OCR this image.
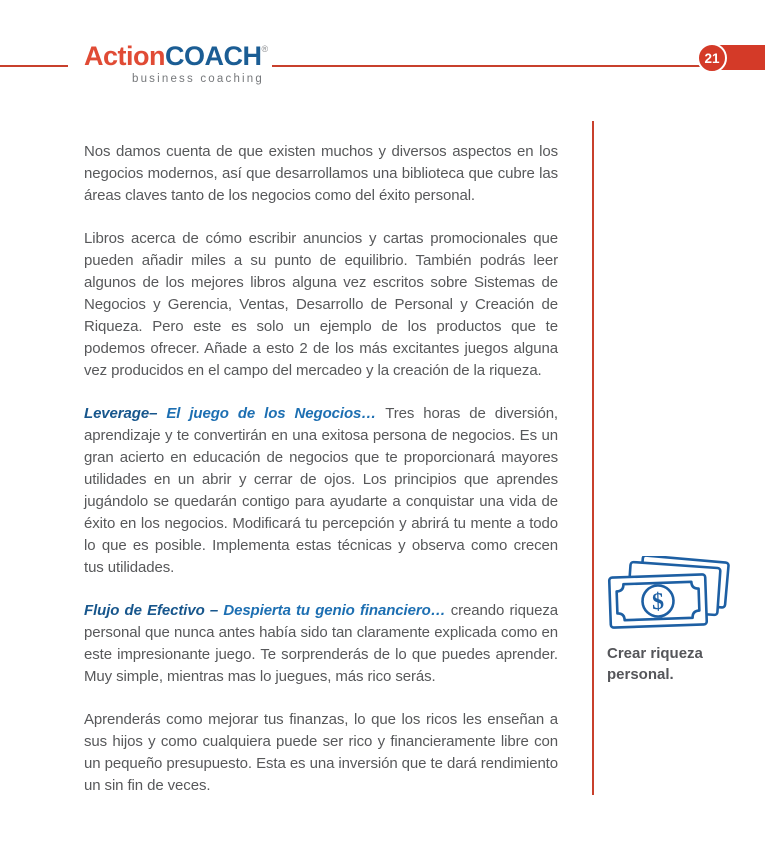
ActionCOACH®
business coaching
21

Nos damos cuenta de que existen muchos y diversos aspectos en los negocios modernos, así que desarrollamos una biblioteca que cubre las áreas claves tanto de los negocios como del éxito personal.

Libros acerca de cómo escribir anuncios y cartas promocionales que pueden añadir miles a su punto de equilibrio. También podrás leer algunos de los mejores libros alguna vez escritos sobre Sistemas de Negocios y Gerencia, Ventas, Desarrollo de Personal y Creación de Riqueza. Pero este es solo un ejemplo de los productos que te podemos ofrecer. Añade a esto 2 de los más excitantes juegos alguna vez producidos en el campo del mercadeo y la creación de la riqueza.

Leverage– El juego de los Negocios… Tres horas de diversión, aprendizaje y te convertirán en una exitosa persona de negocios. Es un gran acierto en educación de negocios que te proporcionará mayores utilidades en un abrir y cerrar de ojos. Los principios que aprendes jugándolo se quedarán contigo para ayudarte a conquistar una vida de éxito en los negocios. Modificará tu percepción y abrirá tu mente a todo lo que es posible. Implementa estas técnicas y observa como crecen tus utilidades.

Flujo de Efectivo – Despierta tu genio financiero… creando riqueza personal que nunca antes había sido tan claramente explicada como en este impresionante juego. Te sorprenderás de lo que puedes aprender. Muy simple, mientras mas lo juegues, más rico serás.

Aprenderás como mejorar tus finanzas, lo que los ricos les enseñan a sus hijos y como cualquiera puede ser rico y financieramente libre con un pequeño presupuesto. Esta es una inversión que te dará rendimiento un sin fin de veces.

$
Crear riqueza personal.
